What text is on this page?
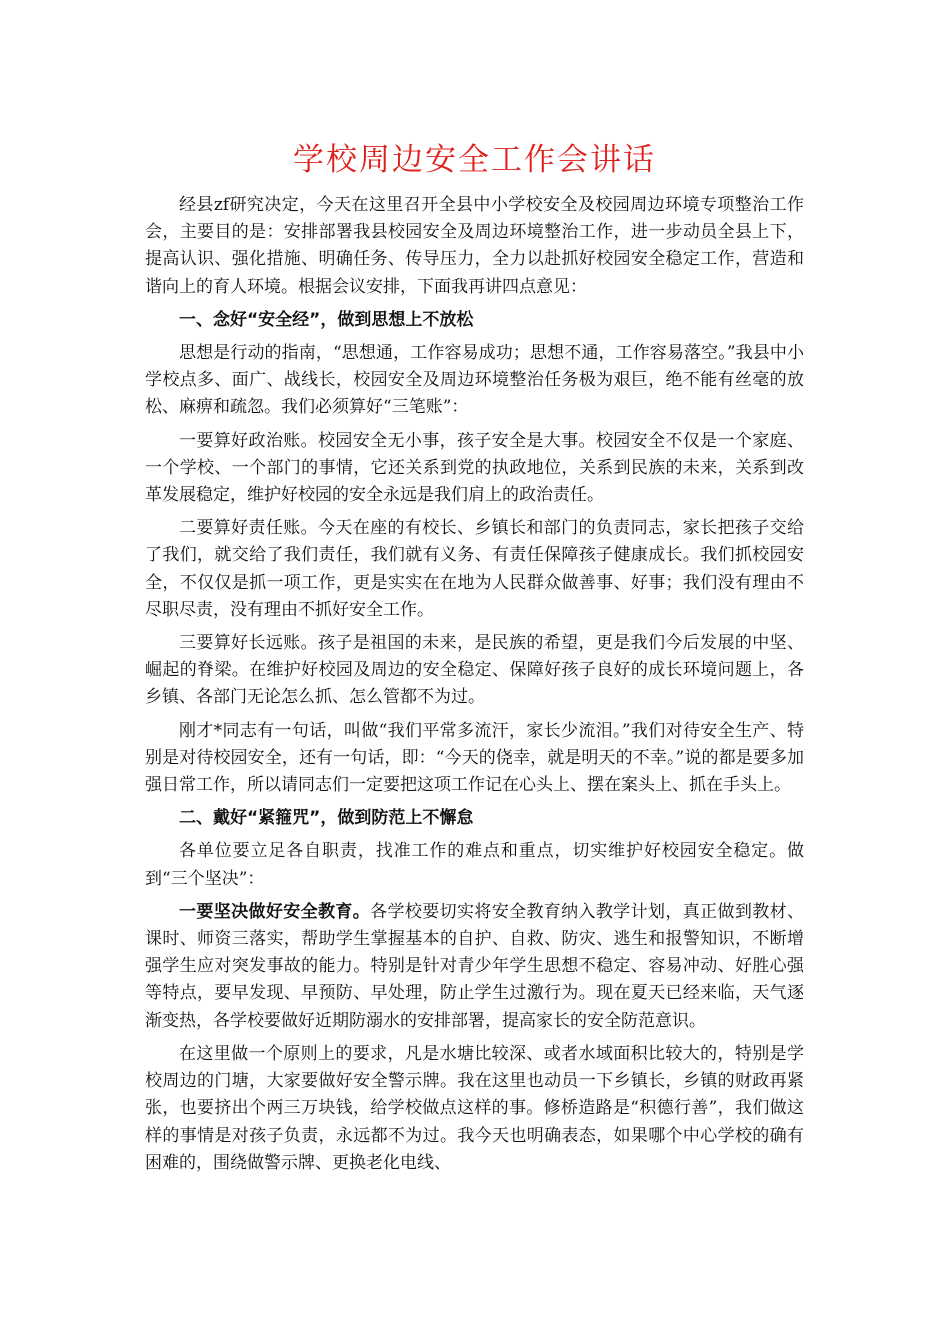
学校周边安全工作会讲话

经县zf研究决定，今天在这里召开全县中小学校安全及校园周边环境专项整治工作会，主要目的是：安排部署我县校园安全及周边环境整治工作，进一步动员全县上下，提高认识、强化措施、明确任务、传导压力，全力以赴抓好校园安全稳定工作，营造和谐向上的育人环境。根据会议安排，下面我再讲四点意见：

一、念好“安全经”，做到思想上不放松

思想是行动的指南，“思想通，工作容易成功；思想不通，工作容易落空。”我县中小学校点多、面广、战线长，校园安全及周边环境整治任务极为艰巨，绝不能有丝毫的放松、麻痹和疏忽。我们必须算好“三笔账”：

一要算好政治账。校园安全无小事，孩子安全是大事。校园安全不仅是一个家庭、一个学校、一个部门的事情，它还关系到党的执政地位，关系到民族的未来，关系到改革发展稳定，维护好校园的安全永远是我们肩上的政治责任。

二要算好责任账。今天在座的有校长、乡镇长和部门的负责同志，家长把孩子交给了我们，就交给了我们责任，我们就有义务、有责任保障孩子健康成长。我们抓校园安全，不仅仅是抓一项工作，更是实实在在地为人民群众做善事、好事；我们没有理由不尽职尽责，没有理由不抓好安全工作。

三要算好长远账。孩子是祖国的未来，是民族的希望，更是我们今后发展的中坚、崛起的脊梁。在维护好校园及周边的安全稳定、保障好孩子良好的成长环境问题上，各乡镇、各部门无论怎么抓、怎么管都不为过。

刚才*同志有一句话，叫做“我们平常多流汗，家长少流泪。”我们对待安全生产、特别是对待校园安全，还有一句话，即：“今天的侥幸，就是明天的不幸。”说的都是要多加强日常工作，所以请同志们一定要把这项工作记在心头上、摆在案头上、抓在手头上。

二、戴好“紧箍咒”，做到防范上不懈怠

各单位要立足各自职责，找准工作的难点和重点，切实维护好校园安全稳定。做到“三个坚决”：

一要坚决做好安全教育。各学校要切实将安全教育纳入教学计划，真正做到教材、课时、师资三落实，帮助学生掌握基本的自护、自救、防灾、逃生和报警知识，不断增强学生应对突发事故的能力。特别是针对青少年学生思想不稳定、容易冲动、好胜心强等特点，要早发现、早预防、早处理，防止学生过激行为。现在夏天已经来临，天气逐渐变热，各学校要做好近期防溺水的安排部署，提高家长的安全防范意识。

在这里做一个原则上的要求，凡是水塘比较深、或者水域面积比较大的，特别是学校周边的门塘，大家要做好安全警示牌。我在这里也动员一下乡镇长，乡镇的财政再紧张，也要挤出个两三万块钱，给学校做点这样的事。修桥造路是“积德行善”，我们做这样的事情是对孩子负责，永远都不为过。我今天也明确表态，如果哪个中心学校的确有困难的，围绕做警示牌、更换老化电线、
